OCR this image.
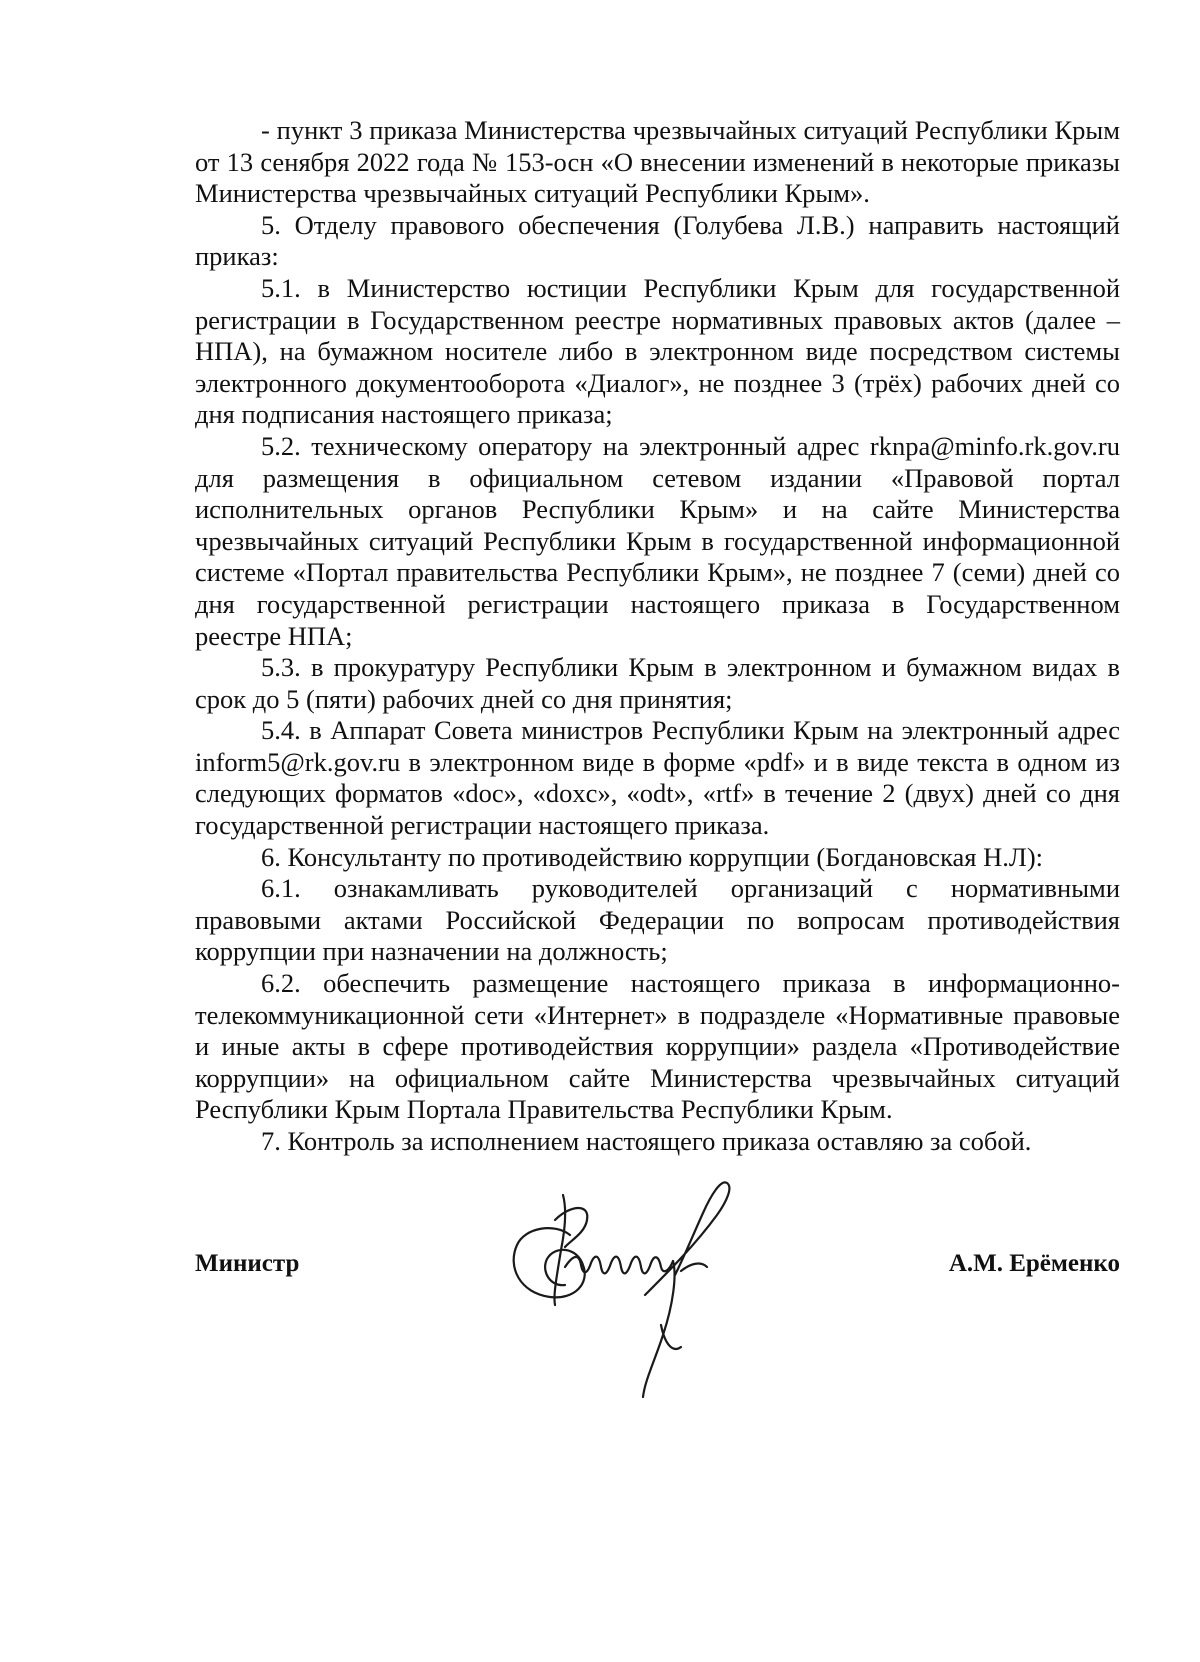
- пункт 3 приказа Министерства чрезвычайных ситуаций Республики Крым от 13 сенября 2022 года № 153-осн «О внесении изменений в некоторые приказы Министерства чрезвычайных ситуаций Республики Крым».

5. Отделу правового обеспечения (Голубева Л.В.) направить настоящий приказ:

5.1. в Министерство юстиции Республики Крым для государственной регистрации в Государственном реестре нормативных правовых актов (далее – НПА), на бумажном носителе либо в электронном виде посредством системы электронного документооборота «Диалог», не позднее 3 (трёх) рабочих дней со дня подписания настоящего приказа;

5.2. техническому оператору на электронный адрес rknpa@minfo.rk.gov.ru для размещения в официальном сетевом издании «Правовой портал исполнительных органов Республики Крым» и на сайте Министерства чрезвычайных ситуаций Республики Крым в государственной информационной системе «Портал правительства Республики Крым», не позднее 7 (семи) дней со дня государственной регистрации настоящего приказа в Государственном реестре НПА;

5.3. в прокуратуру Республики Крым в электронном и бумажном видах в срок до 5 (пяти) рабочих дней со дня принятия;

5.4. в Аппарат Совета министров Республики Крым на электронный адрес inform5@rk.gov.ru в электронном виде в форме «pdf» и в виде текста в одном из следующих форматов «doc», «doxc», «odt», «rtf» в течение 2 (двух) дней со дня государственной регистрации настоящего приказа.

6. Консультанту по противодействию коррупции (Богдановская Н.Л):

6.1. ознакамливать руководителей организаций с нормативными правовыми актами Российской Федерации по вопросам противодействия коррупции при назначении на должность;

6.2. обеспечить размещение настоящего приказа в информационно-телекоммуникационной сети «Интернет» в подразделе «Нормативные правовые и иные акты в сфере противодействия коррупции» раздела «Противодействие коррупции» на официальном сайте Министерства чрезвычайных ситуаций Республики Крым Портала Правительства Республики Крым.

7. Контроль за исполнением настоящего приказа оставляю за собой.

Министр	А.М. Ерёменко
